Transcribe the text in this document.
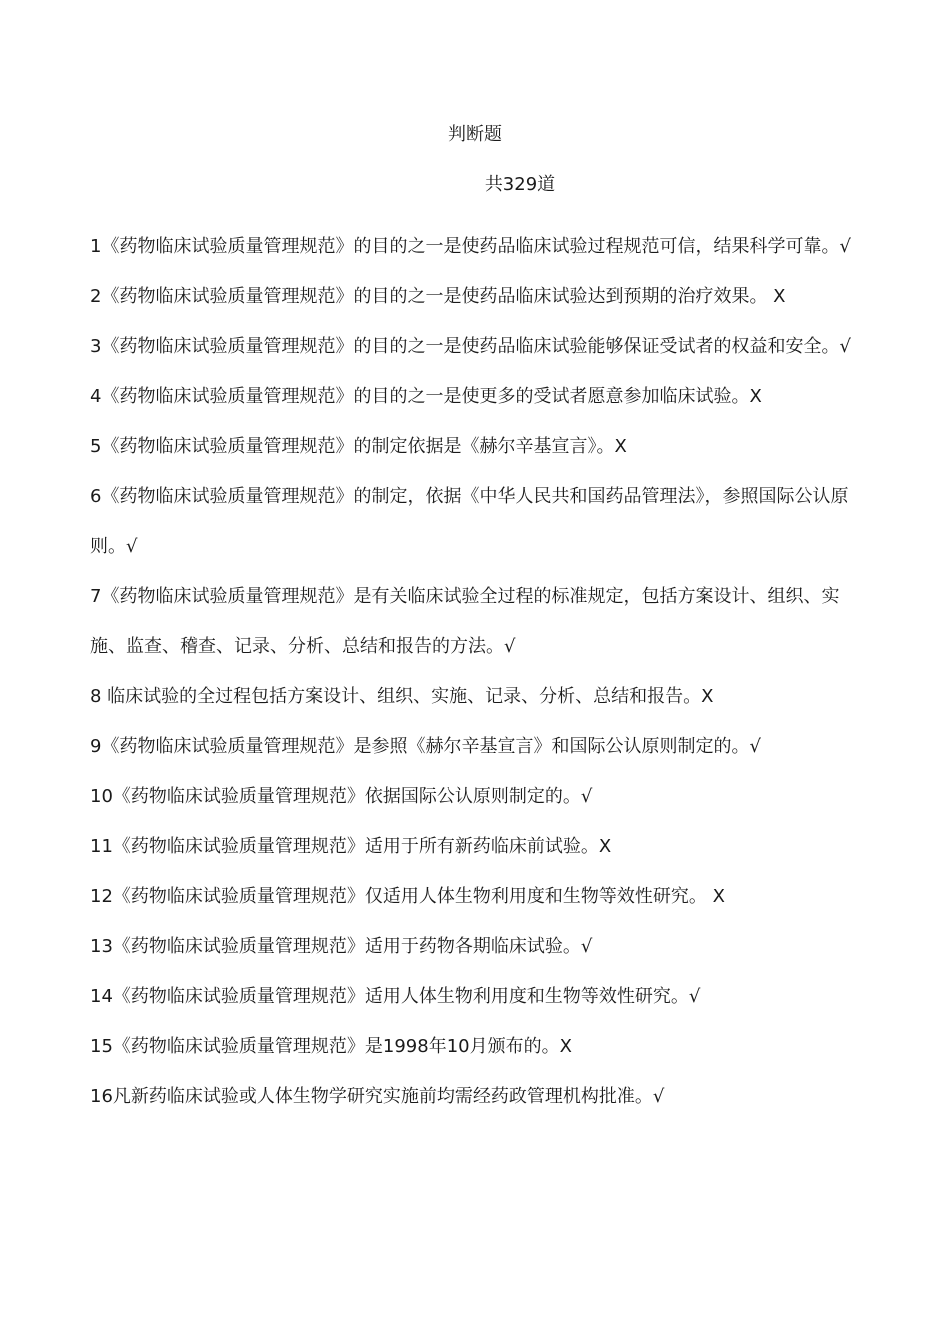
判断题
共329道
1《药物临床试验质量管理规范》的目的之一是使药品临床试验过程规范可信，结果科学可靠。√
2《药物临床试验质量管理规范》的目的之一是使药品临床试验达到预期的治疗效果。 X
3《药物临床试验质量管理规范》的目的之一是使药品临床试验能够保证受试者的权益和安全。√
4《药物临床试验质量管理规范》的目的之一是使更多的受试者愿意参加临床试验。X
5《药物临床试验质量管理规范》的制定依据是《赫尔辛基宣言》。X
6《药物临床试验质量管理规范》的制定，依据《中华人民共和国药品管理法》，参照国际公认原则。√
7《药物临床试验质量管理规范》是有关临床试验全过程的标准规定，包括方案设计、组织、实施、监查、稽查、记录、分析、总结和报告的方法。√
8 临床试验的全过程包括方案设计、组织、实施、记录、分析、总结和报告。X
9《药物临床试验质量管理规范》是参照《赫尔辛基宣言》和国际公认原则制定的。√
10《药物临床试验质量管理规范》依据国际公认原则制定的。√
11《药物临床试验质量管理规范》适用于所有新药临床前试验。X
12《药物临床试验质量管理规范》仅适用人体生物利用度和生物等效性研究。 X
13《药物临床试验质量管理规范》适用于药物各期临床试验。√
14《药物临床试验质量管理规范》适用人体生物利用度和生物等效性研究。√
15《药物临床试验质量管理规范》是1998年10月颁布的。X
16凡新药临床试验或人体生物学研究实施前均需经药政管理机构批准。√
